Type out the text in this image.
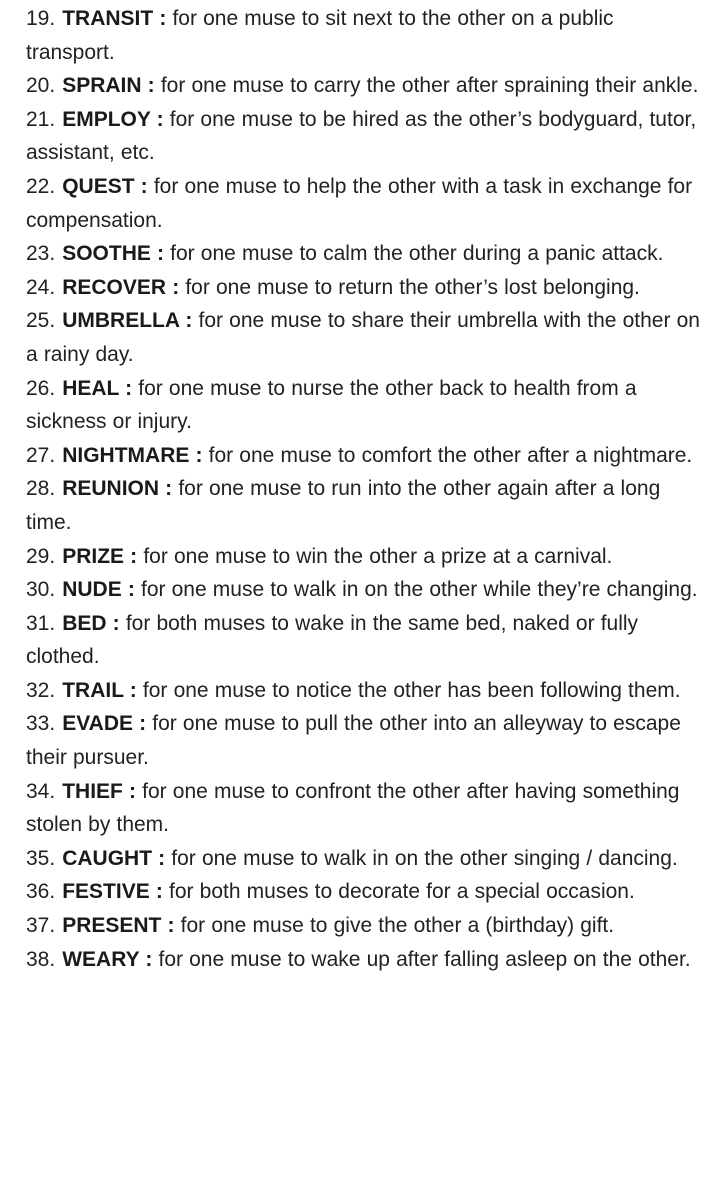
19. TRANSIT : for one muse to sit next to the other on a public transport.
20. SPRAIN : for one muse to carry the other after spraining their ankle.
21. EMPLOY : for one muse to be hired as the other’s bodyguard, tutor, assistant, etc.
22. QUEST : for one muse to help the other with a task in exchange for compensation.
23. SOOTHE : for one muse to calm the other during a panic attack.
24. RECOVER : for one muse to return the other’s lost belonging.
25. UMBRELLA : for one muse to share their umbrella with the other on a rainy day.
26. HEAL : for one muse to nurse the other back to health from a sickness or injury.
27. NIGHTMARE : for one muse to comfort the other after a nightmare.
28. REUNION : for one muse to run into the other again after a long time.
29. PRIZE : for one muse to win the other a prize at a carnival.
30. NUDE : for one muse to walk in on the other while they’re changing.
31. BED : for both muses to wake in the same bed, naked or fully clothed.
32. TRAIL : for one muse to notice the other has been following them.
33. EVADE : for one muse to pull the other into an alleyway to escape their pursuer.
34. THIEF : for one muse to confront the other after having something stolen by them.
35. CAUGHT : for one muse to walk in on the other singing / dancing.
36. FESTIVE : for both muses to decorate for a special occasion.
37. PRESENT : for one muse to give the other a (birthday) gift.
38. WEARY : for one muse to wake up after falling asleep on the other.
